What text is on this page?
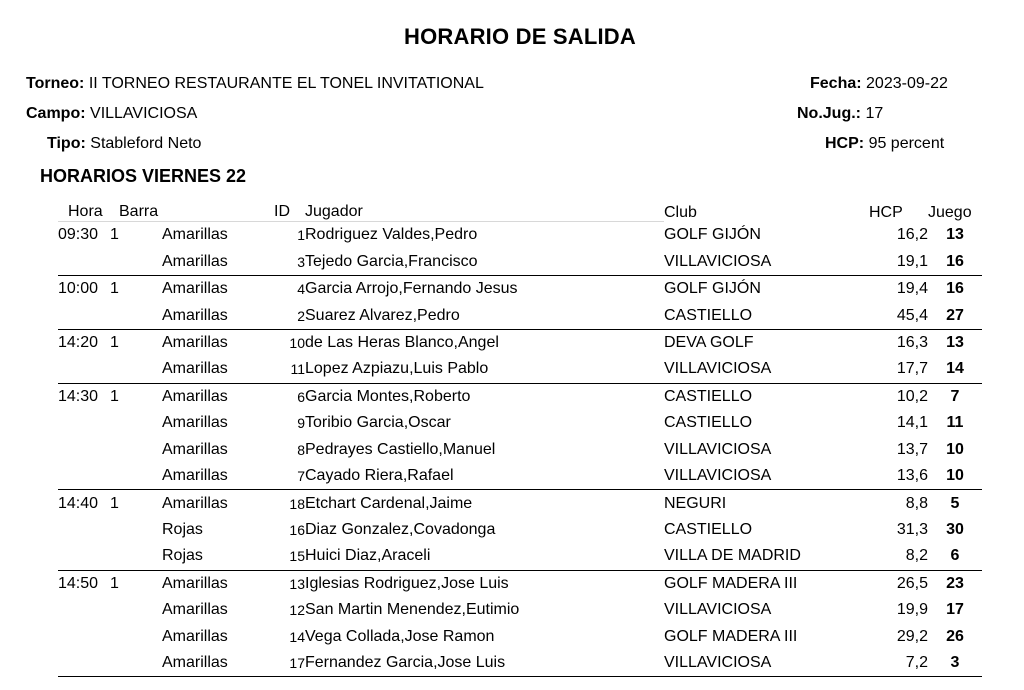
HORARIO DE SALIDA
Torneo: II TORNEO RESTAURANTE EL TONEL INVITATIONAL
Campo: VILLAVICIOSA
Tipo: Stableford Neto
Fecha: 2023-09-22
No.Jug.: 17
HCP: 95 percent
HORARIOS VIERNES 22
Hora	Barra		ID	Jugador	Club	HCP	Juego
09:30	1	Amarillas	1	Rodriguez Valdes,Pedro	GOLF GIJÓN	16,2	13
		Amarillas	3	Tejedo Garcia,Francisco	VILLAVICIOSA	19,1	16
10:00	1	Amarillas	4	Garcia Arrojo,Fernando Jesus	GOLF GIJÓN	19,4	16
		Amarillas	2	Suarez Alvarez,Pedro	CASTIELLO	45,4	27
14:20	1	Amarillas	10	de Las Heras Blanco,Angel	DEVA GOLF	16,3	13
		Amarillas	11	Lopez Azpiazu,Luis Pablo	VILLAVICIOSA	17,7	14
14:30	1	Amarillas	6	Garcia Montes,Roberto	CASTIELLO	10,2	7
		Amarillas	9	Toribio Garcia,Oscar	CASTIELLO	14,1	11
		Amarillas	8	Pedrayes Castiello,Manuel	VILLAVICIOSA	13,7	10
		Amarillas	7	Cayado Riera,Rafael	VILLAVICIOSA	13,6	10
14:40	1	Amarillas	18	Etchart Cardenal,Jaime	NEGURI	8,8	5
		Rojas	16	Diaz Gonzalez,Covadonga	CASTIELLO	31,3	30
		Rojas	15	Huici Diaz,Araceli	VILLA DE MADRID	8,2	6
14:50	1	Amarillas	13	Iglesias Rodriguez,Jose Luis	GOLF MADERA III	26,5	23
		Amarillas	12	San Martin Menendez,Eutimio	VILLAVICIOSA	19,9	17
		Amarillas	14	Vega Collada,Jose Ramon	GOLF MADERA III	29,2	26
		Amarillas	17	Fernandez Garcia,Jose Luis	VILLAVICIOSA	7,2	3
